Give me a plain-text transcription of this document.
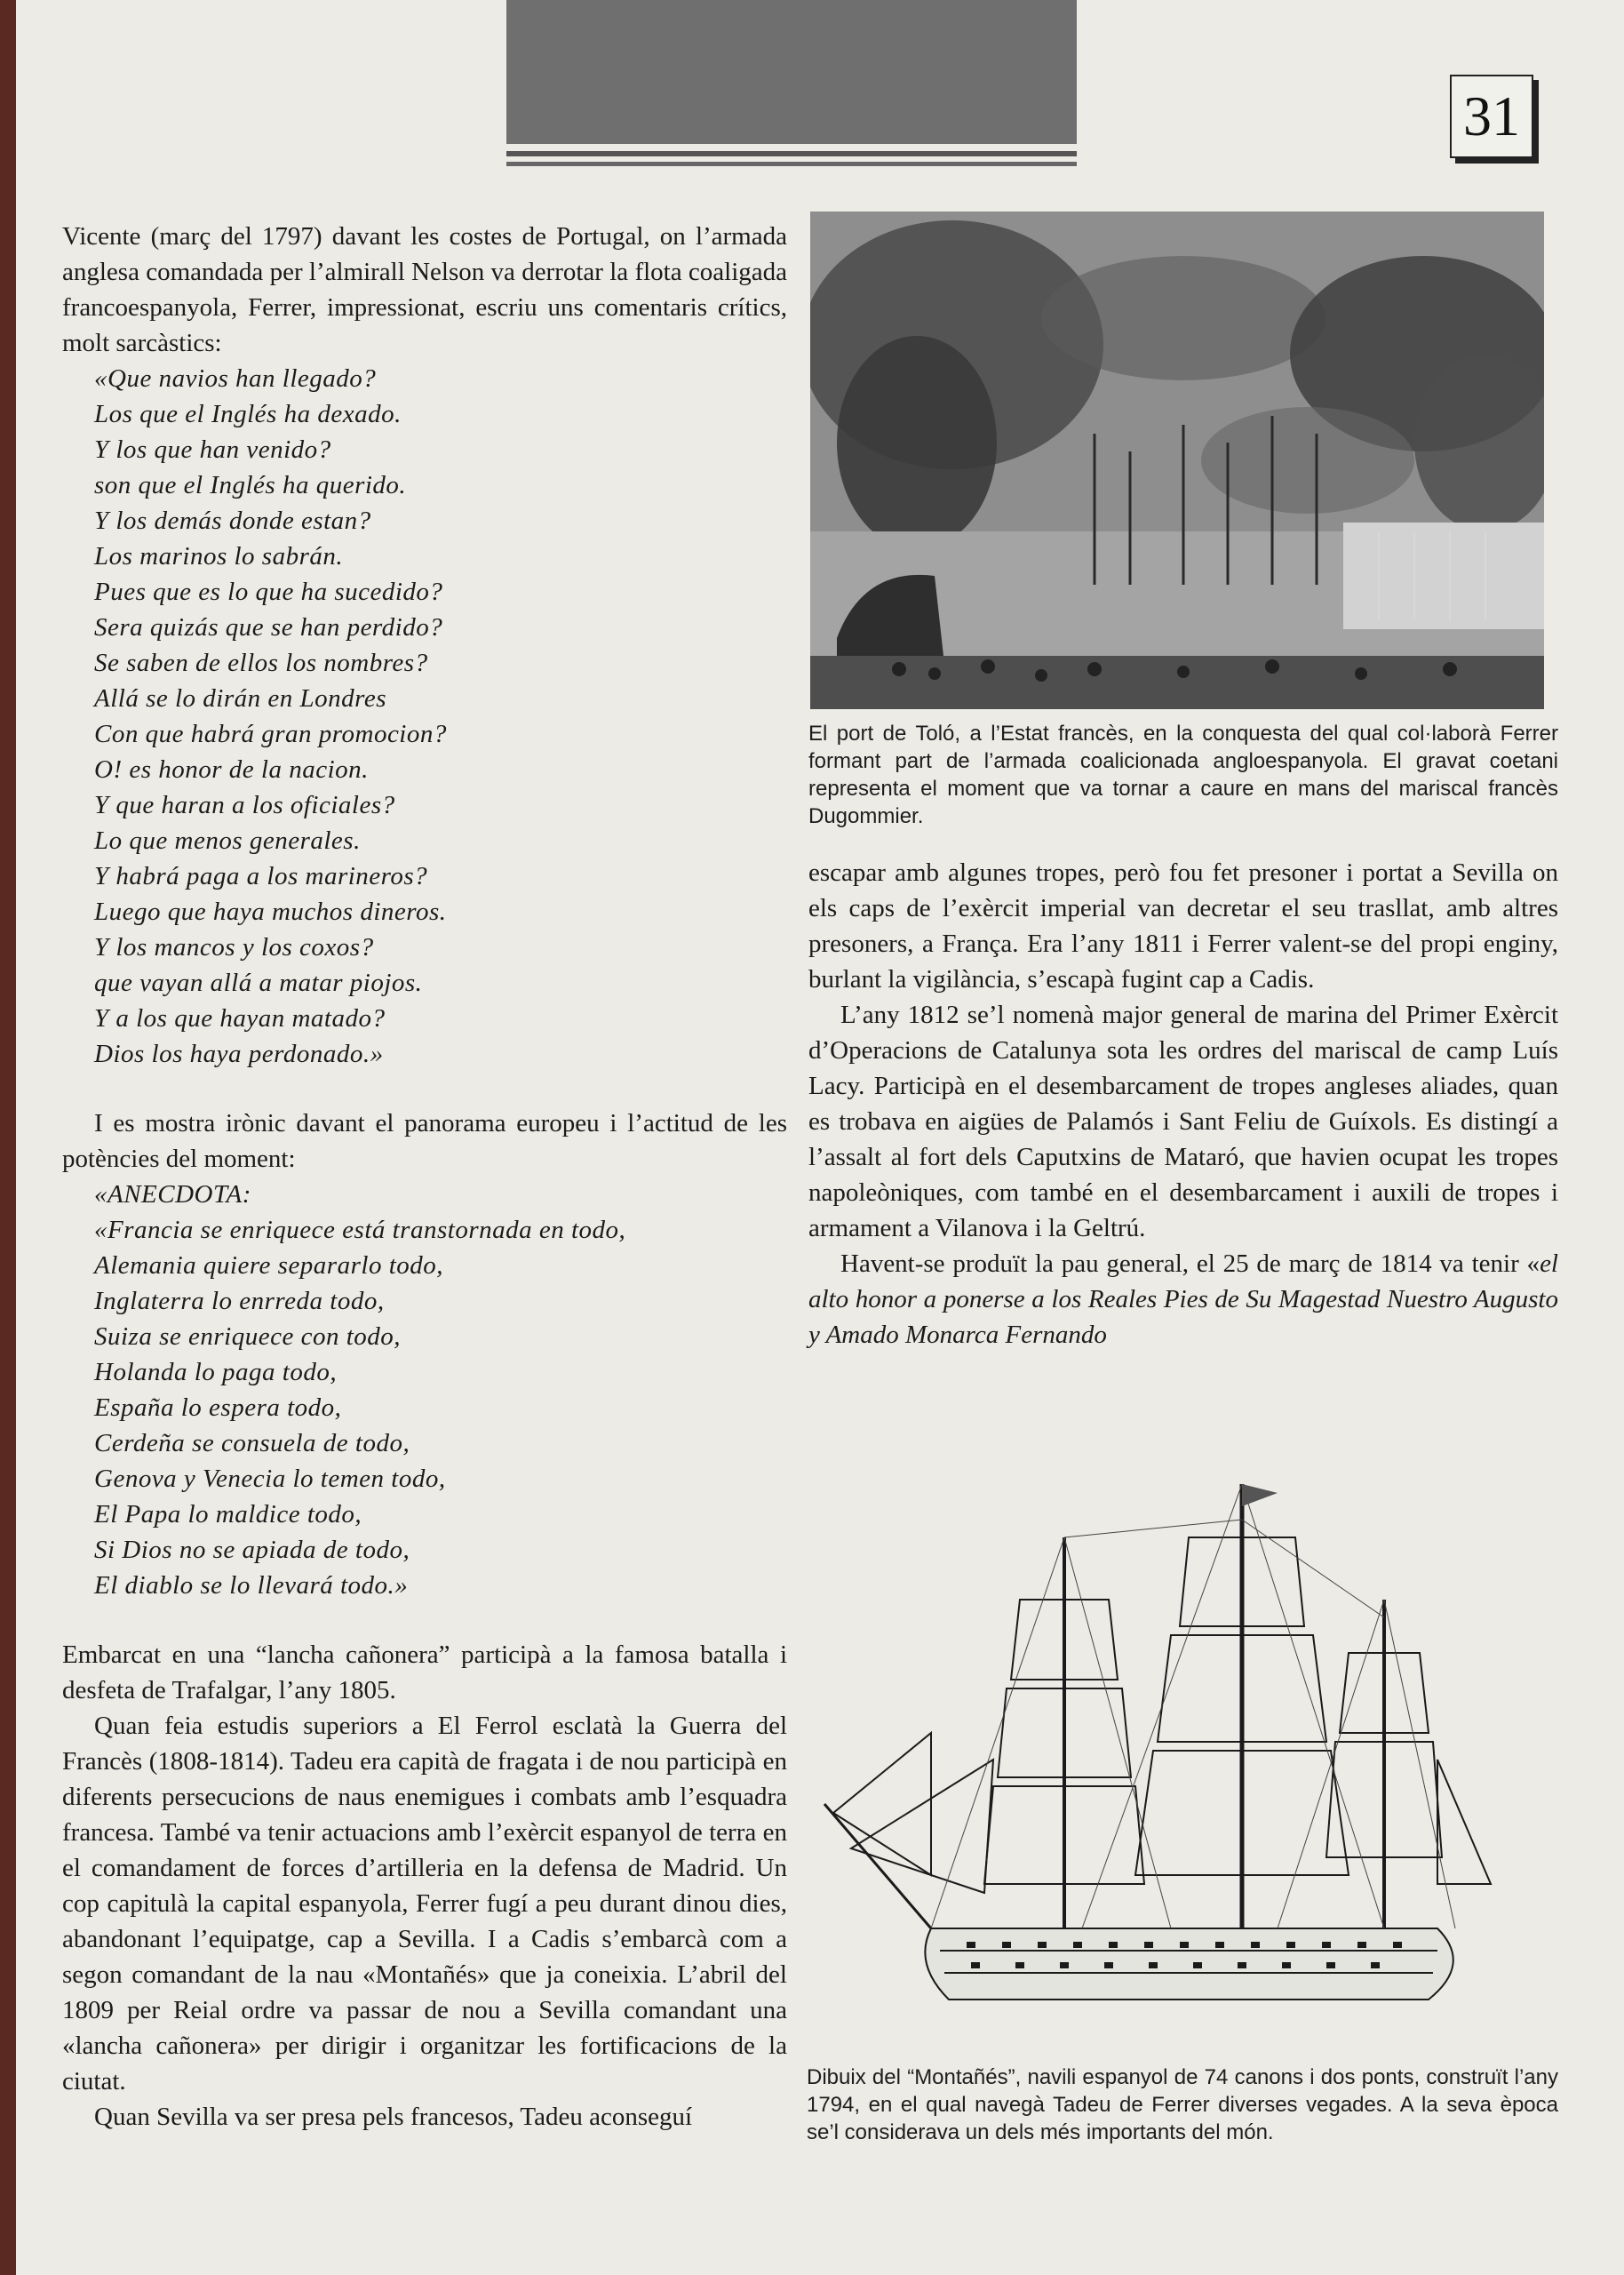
31

Vicente (març del 1797) davant les costes de Portugal, on l’armada anglesa comandada per l’almirall Nelson va derrotar la flota coaligada francoespanyola, Ferrer, impressionat, escriu uns comentaris crítics, molt sarcàstics:

«Que navios han llegado?
Los que el Inglés ha dexado.
Y los que han venido?
son que el Inglés ha querido.
Y los demás donde estan?
Los marinos lo sabrán.
Pues que es lo que ha sucedido?
Sera quizás que se han perdido?
Se saben de ellos los nombres?
Allá se lo dirán en Londres
Con que habrá gran promocion?
O! es honor de la nacion.
Y que haran a los oficiales?
Lo que menos generales.
Y habrá paga a los marineros?
Luego que haya muchos dineros.
Y los mancos y los coxos?
que vayan allá a matar piojos.
Y a los que hayan matado?
Dios los haya perdonado.»

I es mostra irònic davant el panorama europeu i l’actitud de les potències del moment:

«ANECDOTA:
«Francia se enriquece está transtornada en todo,
Alemania quiere separarlo todo,
Inglaterra lo enrreda todo,
Suiza se enriquece con todo,
Holanda lo paga todo,
España lo espera todo,
Cerdeña se consuela de todo,
Genova y Venecia lo temen todo,
El Papa lo maldice todo,
Si Dios no se apiada de todo,
El diablo se lo llevará todo.»

Embarcat en una “lancha cañonera” participà a la famosa batalla i desfeta de Trafalgar, l’any 1805.

Quan feia estudis superiors a El Ferrol esclatà la Guerra del Francès (1808-1814). Tadeu era capità de fragata i de nou participà en diferents persecucions de naus enemigues i combats amb l’esquadra francesa. També va tenir actuacions amb l’exèrcit espanyol de terra en el comandament de forces d’artilleria en la defensa de Madrid. Un cop capitulà la capital espanyola, Ferrer fugí a peu durant dinou dies, abandonant l’equipatge, cap a Sevilla. I a Cadis s’embarcà com a segon comandant de la nau «Montañés» que ja coneixia. L’abril del 1809 per Reial ordre va passar de nou a Sevilla comandant una «lancha cañonera» per dirigir i organitzar les fortificacions de la ciutat.

Quan Sevilla va ser presa pels francesos, Tadeu aconseguí

El port de Toló, a l’Estat francès, en la conquesta del qual col·laborà Ferrer formant part de l’armada coalicionada angloespanyola. El gravat coetani representa el moment que va tornar a caure en mans del mariscal francès Dugommier.

escapar amb algunes tropes, però fou fet presoner i portat a Sevilla on els caps de l’exèrcit imperial van decretar el seu trasllat, amb altres presoners, a França. Era l’any 1811 i Ferrer valent-se del propi enginy, burlant la vigilància, s’escapà fugint cap a Cadis.

L’any 1812 se’l nomenà major general de marina del Primer Exèrcit d’Operacions de Catalunya sota les ordres del mariscal de camp Luís Lacy. Participà en el desembarcament de tropes angleses aliades, quan es trobava en aigües de Palamós i Sant Feliu de Guíxols. Es distingí a l’assalt al fort dels Caputxins de Mataró, que havien ocupat les tropes napoleòniques, com també en el desembarcament i auxili de tropes i armament a Vilanova i la Geltrú.

Havent-se produït la pau general, el 25 de març de 1814 va tenir «el alto honor a ponerse a los Reales Pies de Su Magestad Nuestro Augusto y Amado Monarca Fernando

Dibuix del “Montañés”, navili espanyol de 74 canons i dos ponts, construït l’any 1794, en el qual navegà Tadeu de Ferrer diverses vegades. A la seva època se’l considerava un dels més importants del món.
